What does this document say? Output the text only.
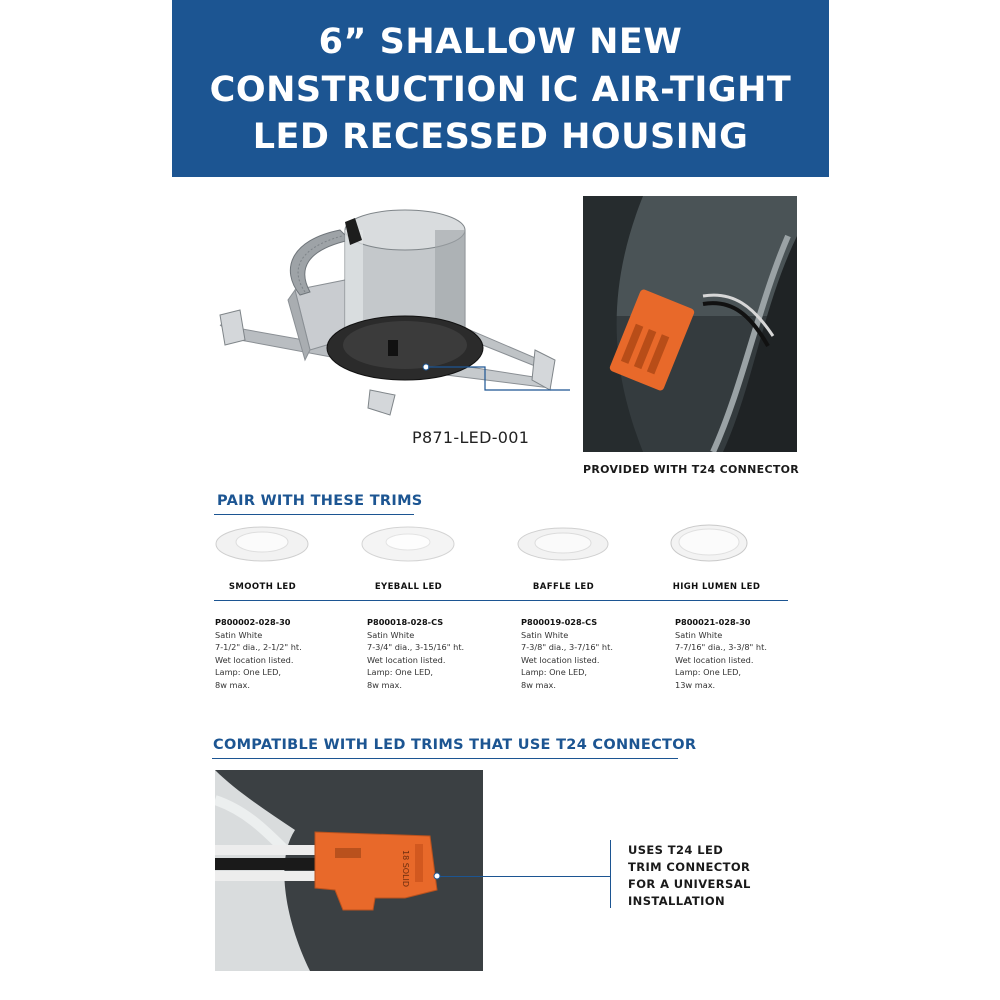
6” SHALLOW NEW
CONSTRUCTION IC AIR-TIGHT
LED RECESSED HOUSING
P871-LED-001
PROVIDED WITH T24 CONNECTOR
PAIR WITH THESE TRIMS
SMOOTH LED	EYEBALL LED	BAFFLE LED	HIGH LUMEN LED
P800002-028-30
Satin White
7-1/2" dia., 2-1/2" ht.
Wet location listed.
Lamp: One LED,
8w max.
P800018-028-CS
Satin White
7-3/4" dia., 3-15/16" ht.
Wet location listed.
Lamp: One LED,
8w max.
P800019-028-CS
Satin White
7-3/8" dia., 3-7/16" ht.
Wet location listed.
Lamp: One LED,
8w max.
P800021-028-30
Satin White
7-7/16" dia., 3-3/8" ht.
Wet location listed.
Lamp: One LED,
13w max.
COMPATIBLE WITH LED TRIMS THAT USE T24 CONNECTOR
18 SOLID	USES T24 LED
TRIM CONNECTOR
FOR A UNIVERSAL
INSTALLATION
